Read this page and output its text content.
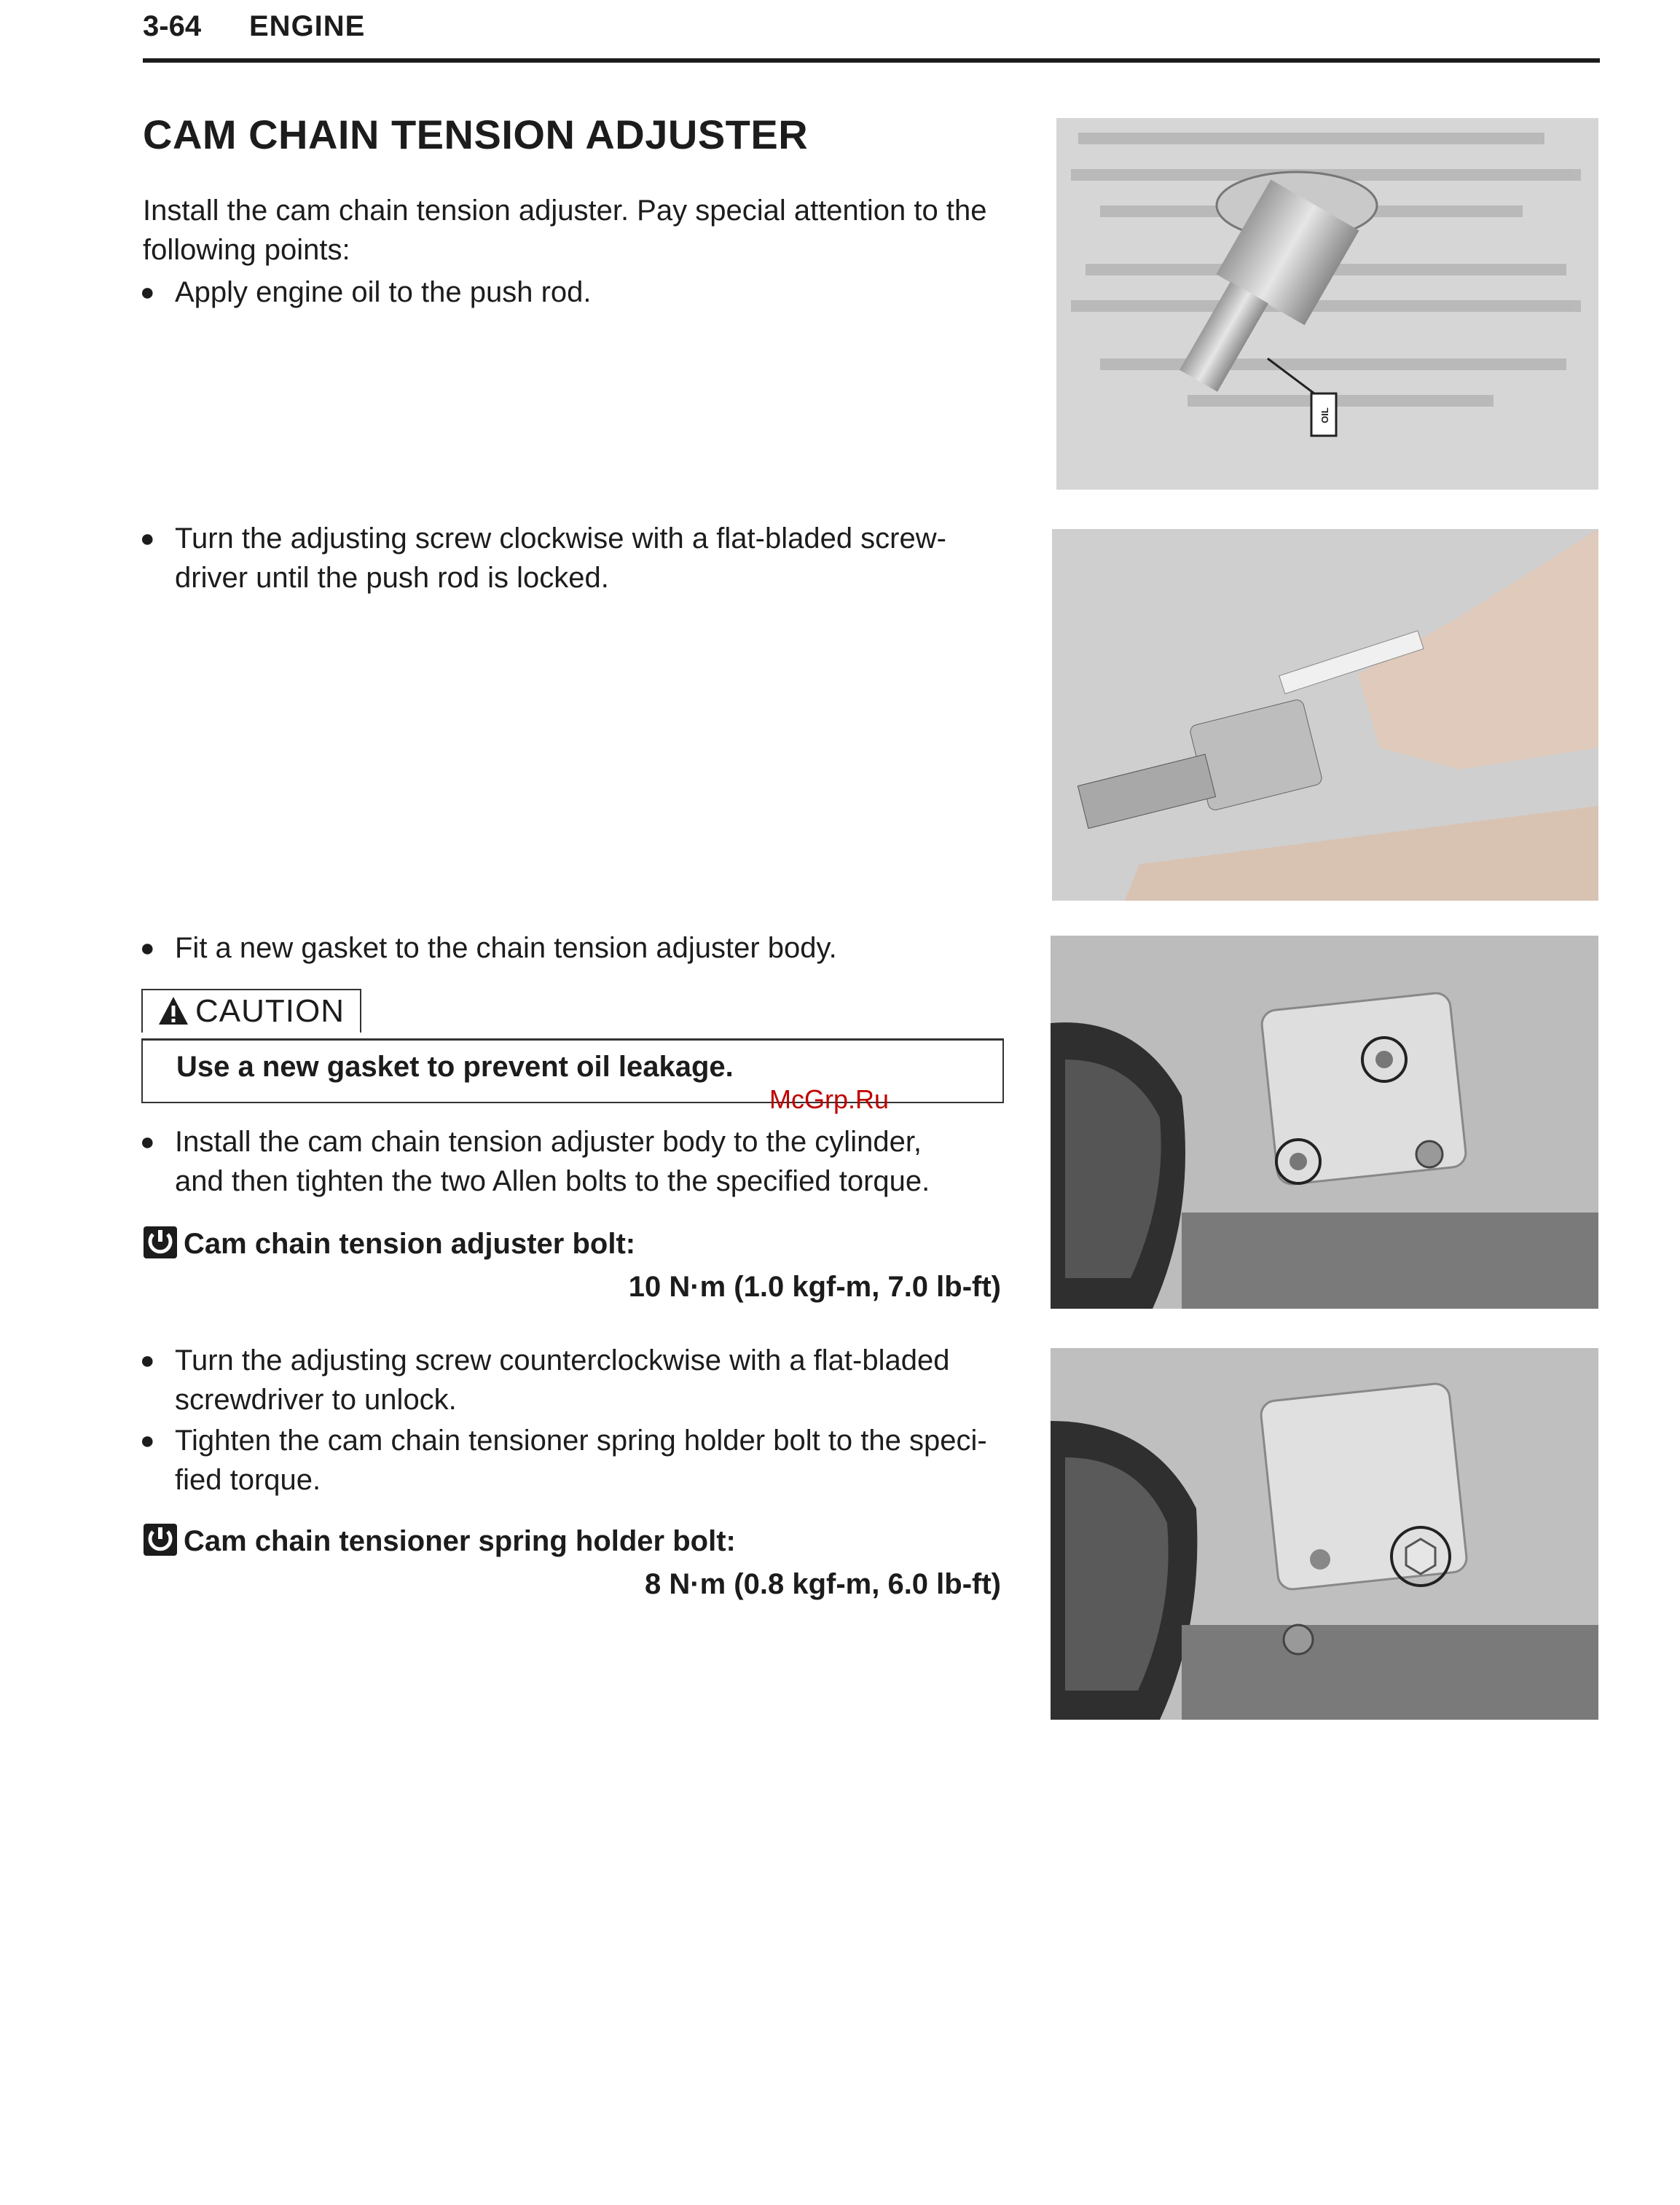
3-64 ENGINE
CAM CHAIN TENSION ADJUSTER

Install the cam chain tension adjuster. Pay special attention to the following points:

● Apply engine oil to the push rod.
● Turn the adjusting screw clockwise with a flat-bladed screw-
driver until the push rod is locked.
● Fit a new gasket to the chain tension adjuster body.
CAUTION
Use a new gasket to prevent oil leakage.
McGrp.Ru
● Install the cam chain tension adjuster body to the cylinder,
and then tighten the two Allen bolts to the specified torque.
Cam chain tension adjuster bolt:
10 N·m (1.0 kgf-m, 7.0 lb-ft)
● Turn the adjusting screw counterclockwise with a flat-bladed
screwdriver to unlock.
● Tighten the cam chain tensioner spring holder bolt to the speci-
fied torque.
Cam chain tensioner spring holder bolt:
8 N·m (0.8 kgf-m, 6.0 lb-ft)
OIL
